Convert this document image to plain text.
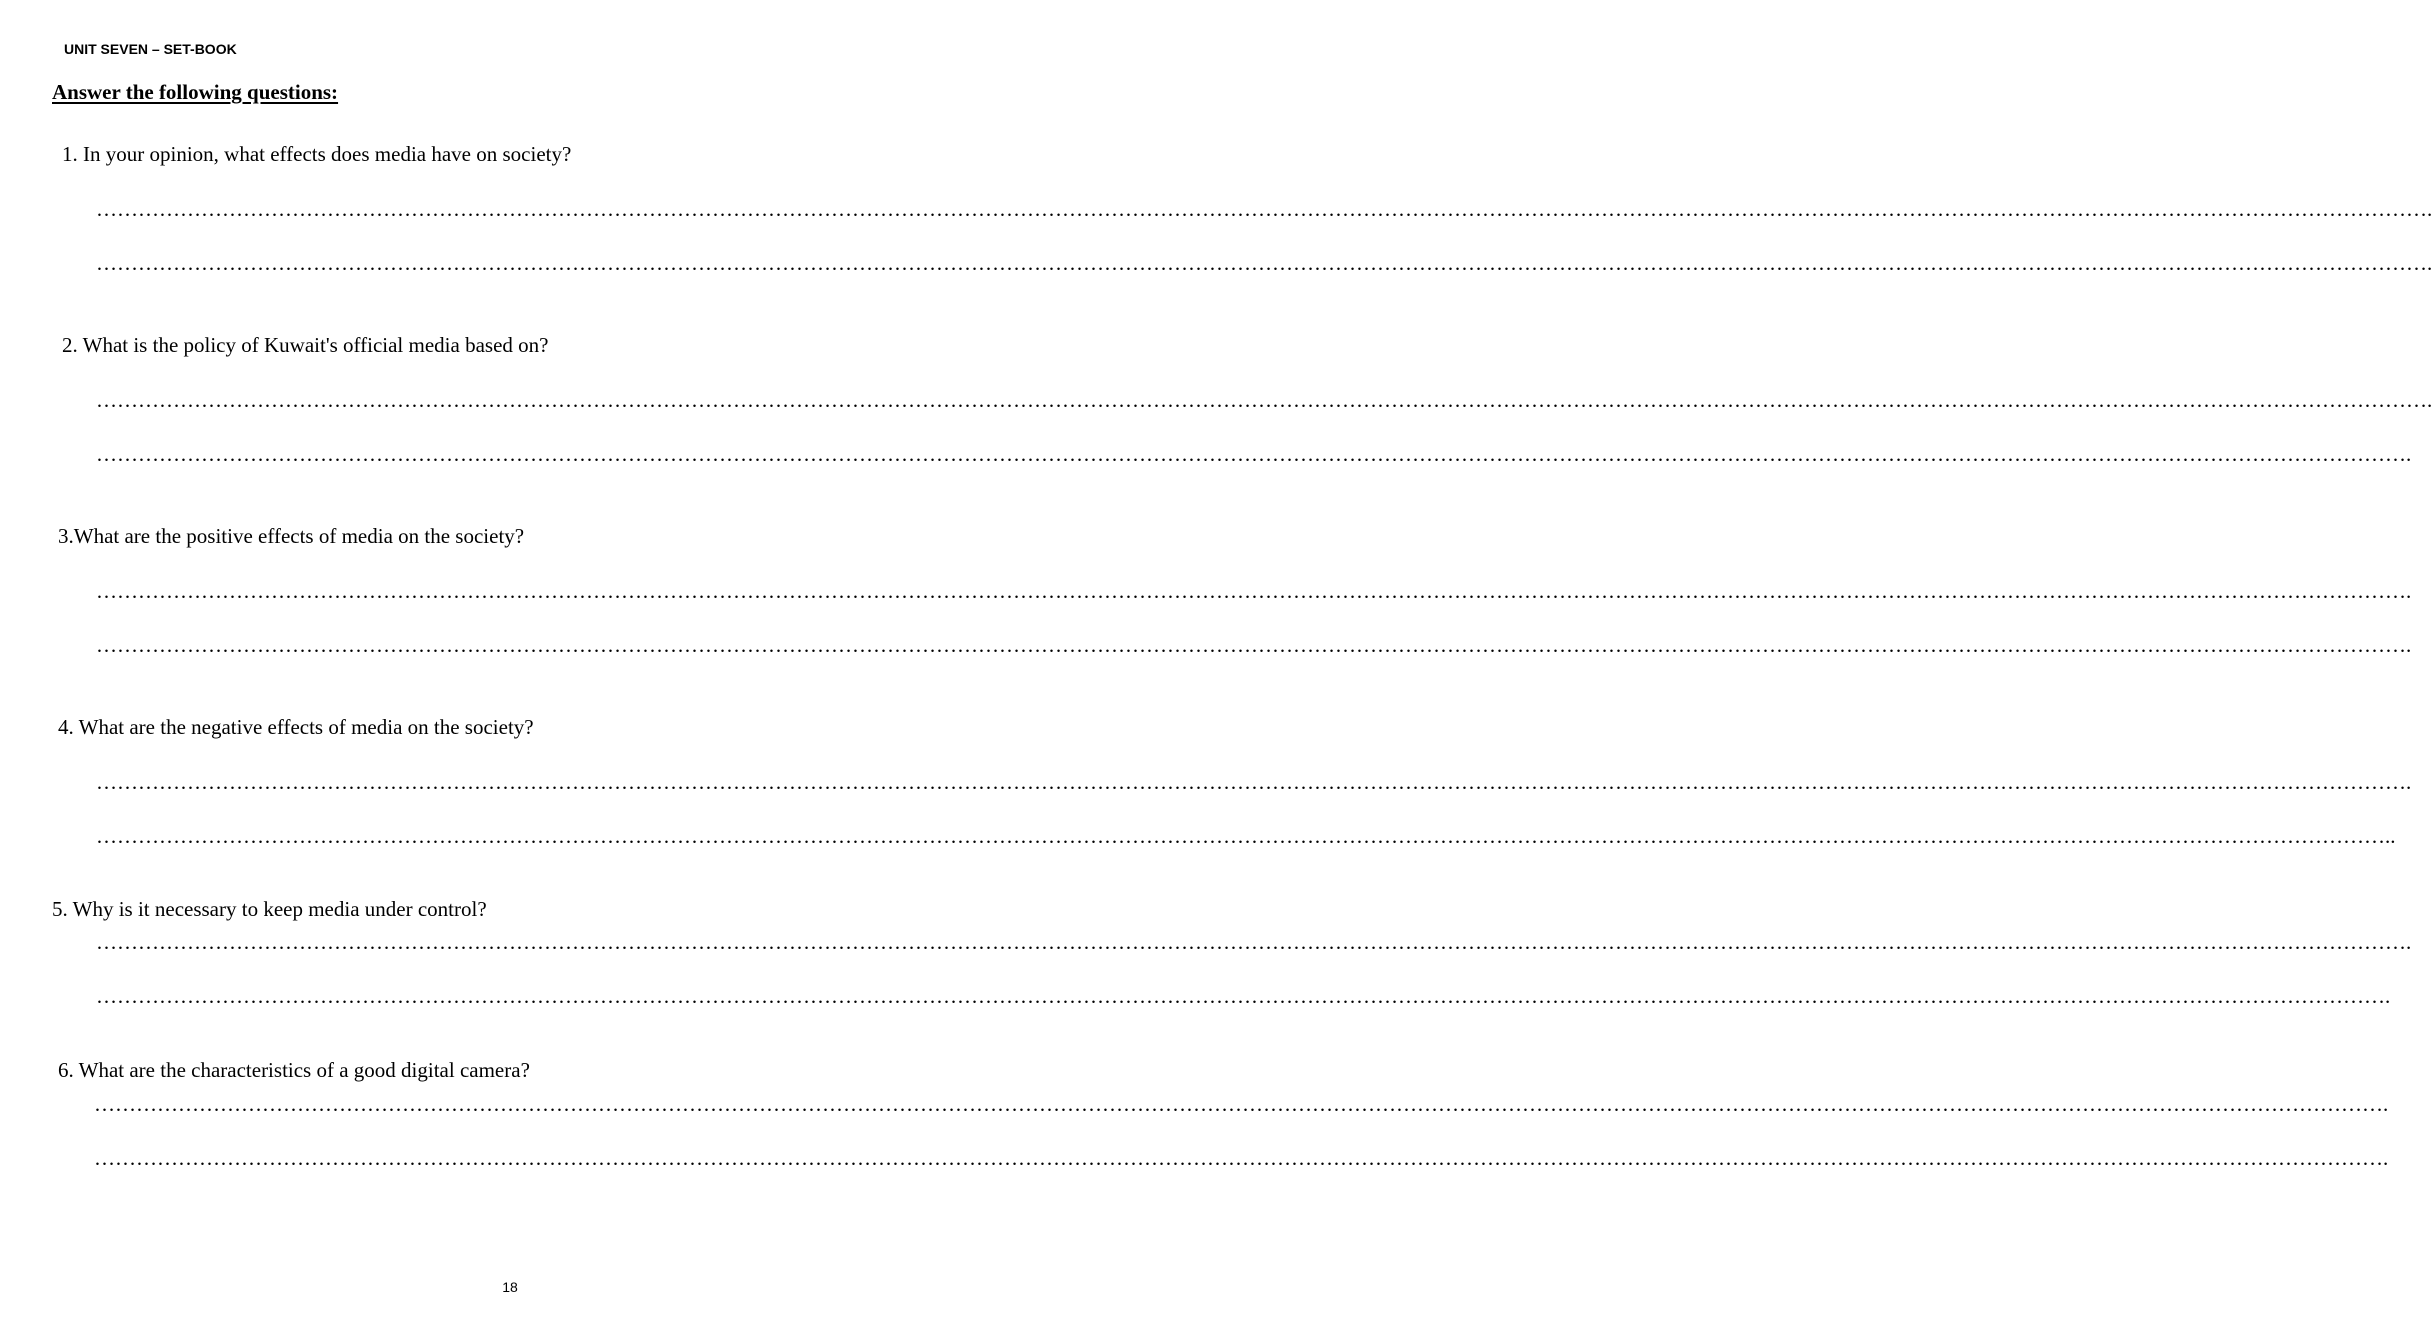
UNIT SEVEN – SET-BOOK
Answer the following questions:
1. In your opinion, what effects does media have on society?
……………………………………………………………………………………………………………………………………………………………………………………………………………………………………………………………………………………………………….
……………………………………………………………………………………………………………………………………………………………………………………………………………………………………………………………………………………………………….
2. What is the policy of Kuwait's official media based on?
……………………………………………………………………………………………………………………………………………………………………………………………………………………………………………………………………………………………………….
…………………………………………………………………………………………………………………………………………………………………………………………………………………………………………………………………………………………………….
3.What are the positive effects of media on the society?
…………………………………………………………………………………………………………………………………………………………………………………………………………………………………………………………………………………………………….
…………………………………………………………………………………………………………………………………………………………………………………………………………………………………………………………………………………………………….
4. What are the negative effects of media on the society?
…………………………………………………………………………………………………………………………………………………………………………………………………………………………………………………………………………………………………….
…………………………………………………………………………………………………………………………………………………………………………………………………………………………………………………………………………………………………..
5. Why is it necessary to keep media under control?
…………………………………………………………………………………………………………………………………………………………………………………………………………………………………………………………………………………………………….
………………………………………………………………………………………………………………………………………………………………………………………………………………………………………………………………………………………………….
6. What are the characteristics of a good digital camera?
………………………………………………………………………………………………………………………………………………………………………………………………………………………………………………………………………………………………….
………………………………………………………………………………………………………………………………………………………………………………………………………………………………………………………………………………………………….
18
